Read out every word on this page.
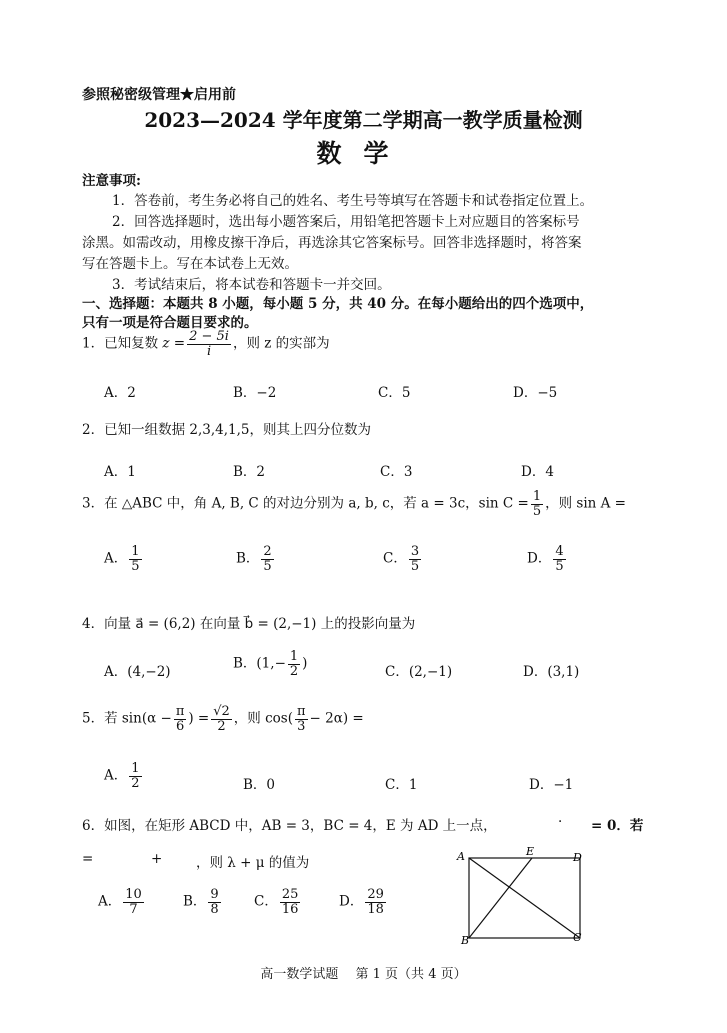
参照秘密级管理★启用前
2023—2024 学年度第二学期高一教学质量检测
数学
注意事项:
1．答卷前，考生务必将自己的姓名、考生号等填写在答题卡和试卷指定位置上。
2．回答选择题时，选出每小题答案后，用铅笔把答题卡上对应题目的答案标号
涂黑。如需改动，用橡皮擦干净后，再选涂其它答案标号。回答非选择题时，将答案
写在答题卡上。写在本试卷上无效。
3．考试结束后，将本试卷和答题卡一并交回。
一、选择题：本题共 8 小题，每小题 5 分，共 40 分。在每小题给出的四个选项中，
只有一项是符合题目要求的。
1．已知复数 $z = \frac{2 - 5i}{i}$ ，则 z 的实部为
A．2	B．−2	C．5	D．−5
2．已知一组数据 2,3,4,1,5，则其上四分位数为
A．1	B．2	C．3	D．4
3．在 △ABC 中，角 A, B, C 的对边分别为 a, b, c，若 a = 3c，$\sin C = \frac{1}{5}$ ，则 sin A =
A． $\frac{1}{5}$	B． $\frac{2}{5}$	C． $\frac{3}{5}$	D． $\frac{4}{5}$
4．向量 a⃗ = (6,2) 在向量 b⃗ = (2,−1) 上的投影向量为
A．(4,−2)
B．($1,- \frac{1}{2}$ )
C．(2,−1)	D．(3,1)
5．若 $\sin(\alpha - \frac{\pi}{6}$ ) = $\frac{√2}{2}$ ，则 $\cos( \frac{\pi}{3} - 2\alpha)$ =
A． $\frac{1}{2}$	B．0	C．1	D．−1
6．如图，在矩形 ABCD 中，AB = 3，BC = 4，E 为 AD 上一点，	· = 0．若
=	+ ，则 λ + μ 的值为
A． $\frac{10}{7}$	B． $\frac{9}{8}$ C． $\frac{25}{16}$	D． $\frac{29}{18}$
A	E	D
B	C
高一数学试题　 第 1 页（共 4 页）
